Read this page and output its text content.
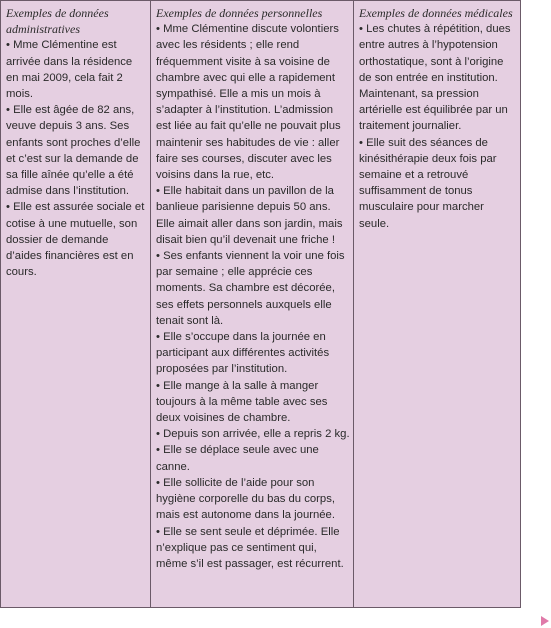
Exemples de données administratives

• Mme Clémentine est arrivée dans la résidence en mai 2009, cela fait 2 mois.

• Elle est âgée de 82 ans, veuve depuis 3 ans. Ses enfants sont proches d’elle et c’est sur la demande de sa fille aînée qu’elle a été admise dans l’institution.

• Elle est assurée sociale et cotise à une mutuelle, son dossier de demande d’aides financières est en cours.

Exemples de données personnelles

• Mme Clémentine discute volontiers avec les résidents ; elle rend fréquemment visite à sa voisine de chambre avec qui elle a rapidement sympathisé. Elle a mis un mois à s’adapter à l’institution. L’admission est liée au fait qu’elle ne pouvait plus maintenir ses habitudes de vie : aller faire ses courses, discuter avec les voisins dans la rue, etc.

• Elle habitait dans un pavillon de la banlieue parisienne depuis 50 ans. Elle aimait aller dans son jardin, mais disait bien qu’il devenait une friche !

• Ses enfants viennent la voir une fois par semaine ; elle apprécie ces moments. Sa chambre est décorée, ses effets personnels auxquels elle tenait sont là.

• Elle s’occupe dans la journée en participant aux différentes activités proposées par l’institution.

• Elle mange à la salle à manger toujours à la même table avec ses deux voisines de chambre.

• Depuis son arrivée, elle a repris 2 kg.

• Elle se déplace seule avec une canne.

• Elle sollicite de l’aide pour son hygiène corporelle du bas du corps, mais est autonome dans la journée.

• Elle se sent seule et déprimée. Elle n’explique pas ce sentiment qui, même s’il est passager, est récurrent.

Exemples de données médicales

• Les chutes à répétition, dues entre autres à l’hypotension orthostatique, sont à l’origine de son entrée en institution. Maintenant, sa pression artérielle est équilibrée par un traitement journalier.

• Elle suit des séances de kinésithérapie deux fois par semaine et a retrouvé suffisamment de tonus musculaire pour marcher seule.
